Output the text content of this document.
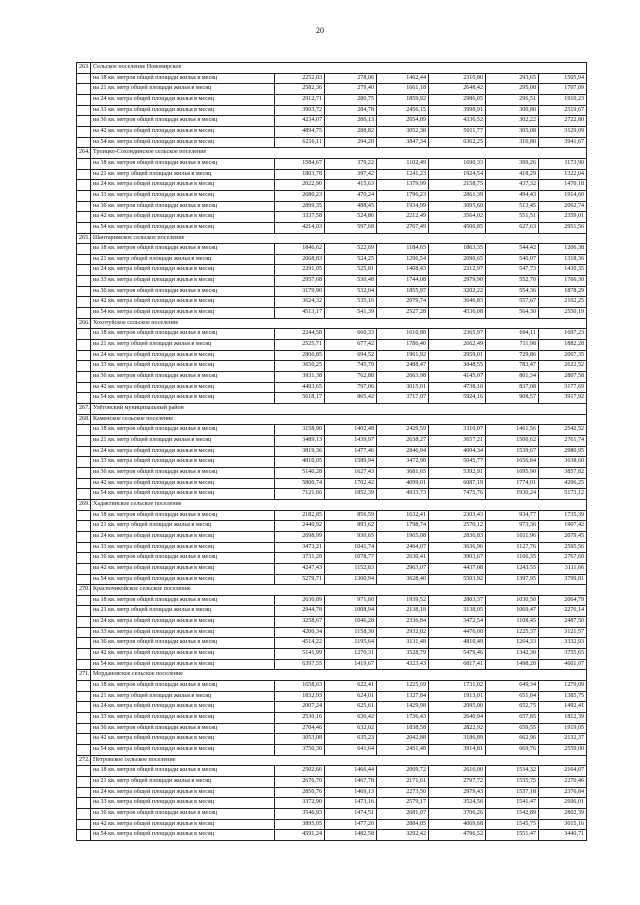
20
263.	Сельское поселение Новомирское						
	на 18 кв. метров общей площади жилья в месяц	2252,03	278,06	1462,44	2310,80	293,65	1505,94
	на 21 кв. метр общей площади жилья в месяц	2582,36	279,40	1661,18	2648,42	295,08	1707,09
	на 24 кв. метра общей площади жилья в месяц	2912,71	280,75	1859,92	2986,05	296,51	1910,23
	на 33 кв. метра общей площади жилья в месяц	3903,72	284,78	2456,15	3998,91	300,80	2519,67
	на 36 кв. метров общей площади жилья в месяц	4234,07	286,13	2654,89	4336,52	302,22	2722,80
	на 42 кв. метра общей площади жилья в месяц	4894,75	288,82	3052,38	5011,77	305,08	3129,09
	на 54 кв. метра общей площади жилья в месяц	6216,11	294,20	3847,34	6362,25	310,80	3941,67
264.	Троицко-Сохондинское сельское поселение						
	на 18 кв. метров общей площади жилья в месяц	1584,67	379,22	1102,49	1690,33	399,26	1173,90
	на 21 кв. метр общей площади жилья в месяц	1803,78	397,42	1241,23	1924,54	418,29	1322,04
	на 24 кв. метра общей площади жилья в месяц	2022,90	415,63	1379,99	2158,75	437,32	1470,18
	на 33 кв. метра общей площади жилья в месяц	2680,23	470,24	1796,23	2861,39	494,43	1914,60
	на 36 кв. метров общей площади жилья в месяц	2899,35	488,45	1934,99	3095,60	513,45	2062,74
	на 42 кв. метра общей площади жилья в месяц	3337,58	524,86	2212,49	3564,02	551,51	2359,01
	на 54 кв. метра общей площади жилья в месяц	4214,03	597,68	2767,49	4500,85	627,63	2951,56
265.	Шантаримское сельское поселение						
	на 18 кв. метров общей площади жилья в месяц	1846,62	522,69	1184,65	1863,35	544,42	1206,38
	на 21 кв. метр общей площади жилья в месяц	2068,83	524,25	1296,54	2090,65	546,07	1318,36
	на 24 кв. метра общей площади жилья в месяц	2291,05	525,81	1408,43	2312,97	547,73	1430,35
	на 33 кв. метра общей площади жилья в месяц	2957,68	530,48	1744,08	2979,90	552,70	1766,30
	на 36 кв. метров общей площади жилья в месяц	3179,90	532,04	1855,97	3202,22	554,36	1878,29
	на 42 кв. метра общей площади жилья в месяц	3624,32	535,16	2079,74	3646,83	557,67	2102,25
	на 54 кв. метра общей площади жилья в месяц	4513,17	541,39	2527,28	4536,08	564,30	2550,19
266.	Хохотуйское сельское поселение						
	на 18 кв. метров общей площади жилья в месяц	2244,58	660,33	1610,88	2365,97	694,11	1697,23
	на 21 кв. метр общей площади жилья в месяц	2525,71	677,42	1786,40	2662,49	711,98	1882,28
	на 24 кв. метра общей площади жилья в месяц	2806,85	694,52	1961,92	2959,01	729,86	2067,35
	на 33 кв. метра общей площади жилья в месяц	3650,25	745,79	2488,47	3848,55	783,47	2622,52
	на 36 кв. метров общей площади жилья в месяц	3931,38	762,88	2663,98	4145,07	801,34	2807,58
	на 42 кв. метра общей площади жилья в месяц	4493,65	797,06	3015,01	4738,10	837,08	3177,69
	на 54 кв. метра общей площади жилья в месяц	5618,17	865,42	3717,07	5924,16	908,57	3917,92
267.	Улётовский муниципальный район						
268.	Каменское сельское поселение						
	на 18 кв. метров общей площади жилья в месяц	3158,90	1402,48	2429,59	3310,07	1461,56	2542,52
	на 21 кв. метр общей площади жилья в месяц	3489,13	1439,97	2638,27	3657,21	1500,62	2761,74
	на 24 кв. метра общей площади жилья в месяц	3819,36	1477,46	2846,94	4004,34	1539,67	2980,95
	на 33 кв. метра общей площади жилья в месяц	4810,05	1589,94	3472,98	5045,77	1656,84	3638,60
	на 36 кв. метров общей площади жилья в месяц	5140,28	1627,43	3681,65	5392,91	1695,90	3857,82
	на 42 кв. метра общей площади жилья в месяц	5800,74	1702,42	4099,01	6087,19	1774,01	4296,25
	на 54 кв. метра общей площади жилья в месяц	7121,66	1852,39	4933,73	7475,76	1930,24	5173,12
269.	Хадактинское сельское поселение						
	на 18 кв. метров общей площади жилья в месяц	2182,85	856,59	1632,41	2303,43	934,77	1735,39
	на 21 кв. метр общей площади жилья в месяц	2440,92	893,62	1798,74	2570,12	973,36	1907,42
	на 24 кв. метра общей площади жилья в месяц	2698,99	930,65	1965,08	2836,83	1011,96	2079,45
	на 33 кв. метра общей площади жилья в месяц	3473,21	1041,74	2464,07	3636,96	1127,76	2595,56
	на 36 кв. метров общей площади жилья в месяц	3731,28	1078,77	2630,41	3903,67	1166,35	2767,60
	на 42 кв. метра общей площади жилья в месяц	4247,43	1152,83	2963,07	4437,08	1243,55	3111,66
	на 54 кв. метра общей площади жилья в месяц	5279,71	1300,94	3628,40	5503,92	1397,95	3799,81
270.	Красночикойское сельское поселение						
	на 18 кв. метров общей площади жилья в месяц	2630,89	971,60	1939,52	2803,37	1030,50	2064,79
	на 21 кв. метр общей площади жилья в месяц	2944,78	1008,94	2138,18	3138,05	1069,47	2276,14
	на 24 кв. метра общей площади жилья в месяц	3258,67	1046,28	2336,84	3472,54	1108,45	2487,50
	на 33 кв. метра общей площади жилья в месяц	4200,34	1158,30	2932,82	4476,00	1225,37	3121,57
	на 36 кв. метров общей площади жилья в месяц	4514,22	1195,64	3131,48	4810,49	1264,33	3332,93
	на 42 кв. метра общей площади жилья в месяц	5141,99	1270,31	3528,79	5479,46	1342,30	3755,65
	на 54 кв. метра общей площади жилья в месяц	6397,55	1419,67	4323,43	6817,41	1498,20	4601,07
271.	Мордановское сельское поселение						
	на 18 кв. метров общей площади жилья в месяц	1658,63	622,41	1225,69	1731,02	649,34	1279,09
	на 21 кв. метр общей площади жилья в месяц	1832,93	624,01	1327,84	1913,01	651,04	1385,75
	на 24 кв. метра общей площади жилья в месяц	2007,24	625,61	1429,98	2095,00	652,75	1492,41
	на 33 кв. метра общей площади жилья в месяц	2530,16	630,42	1736,43	2640,94	657,85	1812,39
	на 36 кв. метров общей площади жилья в месяц	2704,46	632,02	1838,58	2822,92	659,55	1919,05
	на 42 кв. метра общей площади жилья в месяц	3053,08	635,23	2042,88	3186,89	662,96	2132,37
	на 54 кв. метра общей площади жилья в месяц	3750,30	641,64	2451,48	3914,81	669,76	2559,00
272.	Петровское сельское поселение						
	на 18 кв. метров общей площади жилья в месяц	2502,66	1466,44	2069,72	2616,00	1534,32	2164,07
	на 21 кв. метр общей площади жилья в месяц	2676,70	1467,78	2171,61	2797,72	1535,75	2270,46
	на 24 кв. метра общей площади жилья в месяц	2850,76	1469,13	2273,50	2979,43	1537,18	2376,84
	на 33 кв. метра общей площади жилья в месяц	3372,90	1473,16	2579,17	3524,56	1541,47	2696,01
	на 36 кв. метров общей площади жилья в месяц	3546,93	1474,51	2681,07	3706,26	1542,89	2802,39
	на 42 кв. метра общей площади жилья в месяц	3895,05	1477,20	2884,85	4069,68	1545,75	3015,16
	на 54 кв. метра общей площади жилья в месяц	4591,24	1482,58	3292,42	4796,52	1551,47	3440,71
